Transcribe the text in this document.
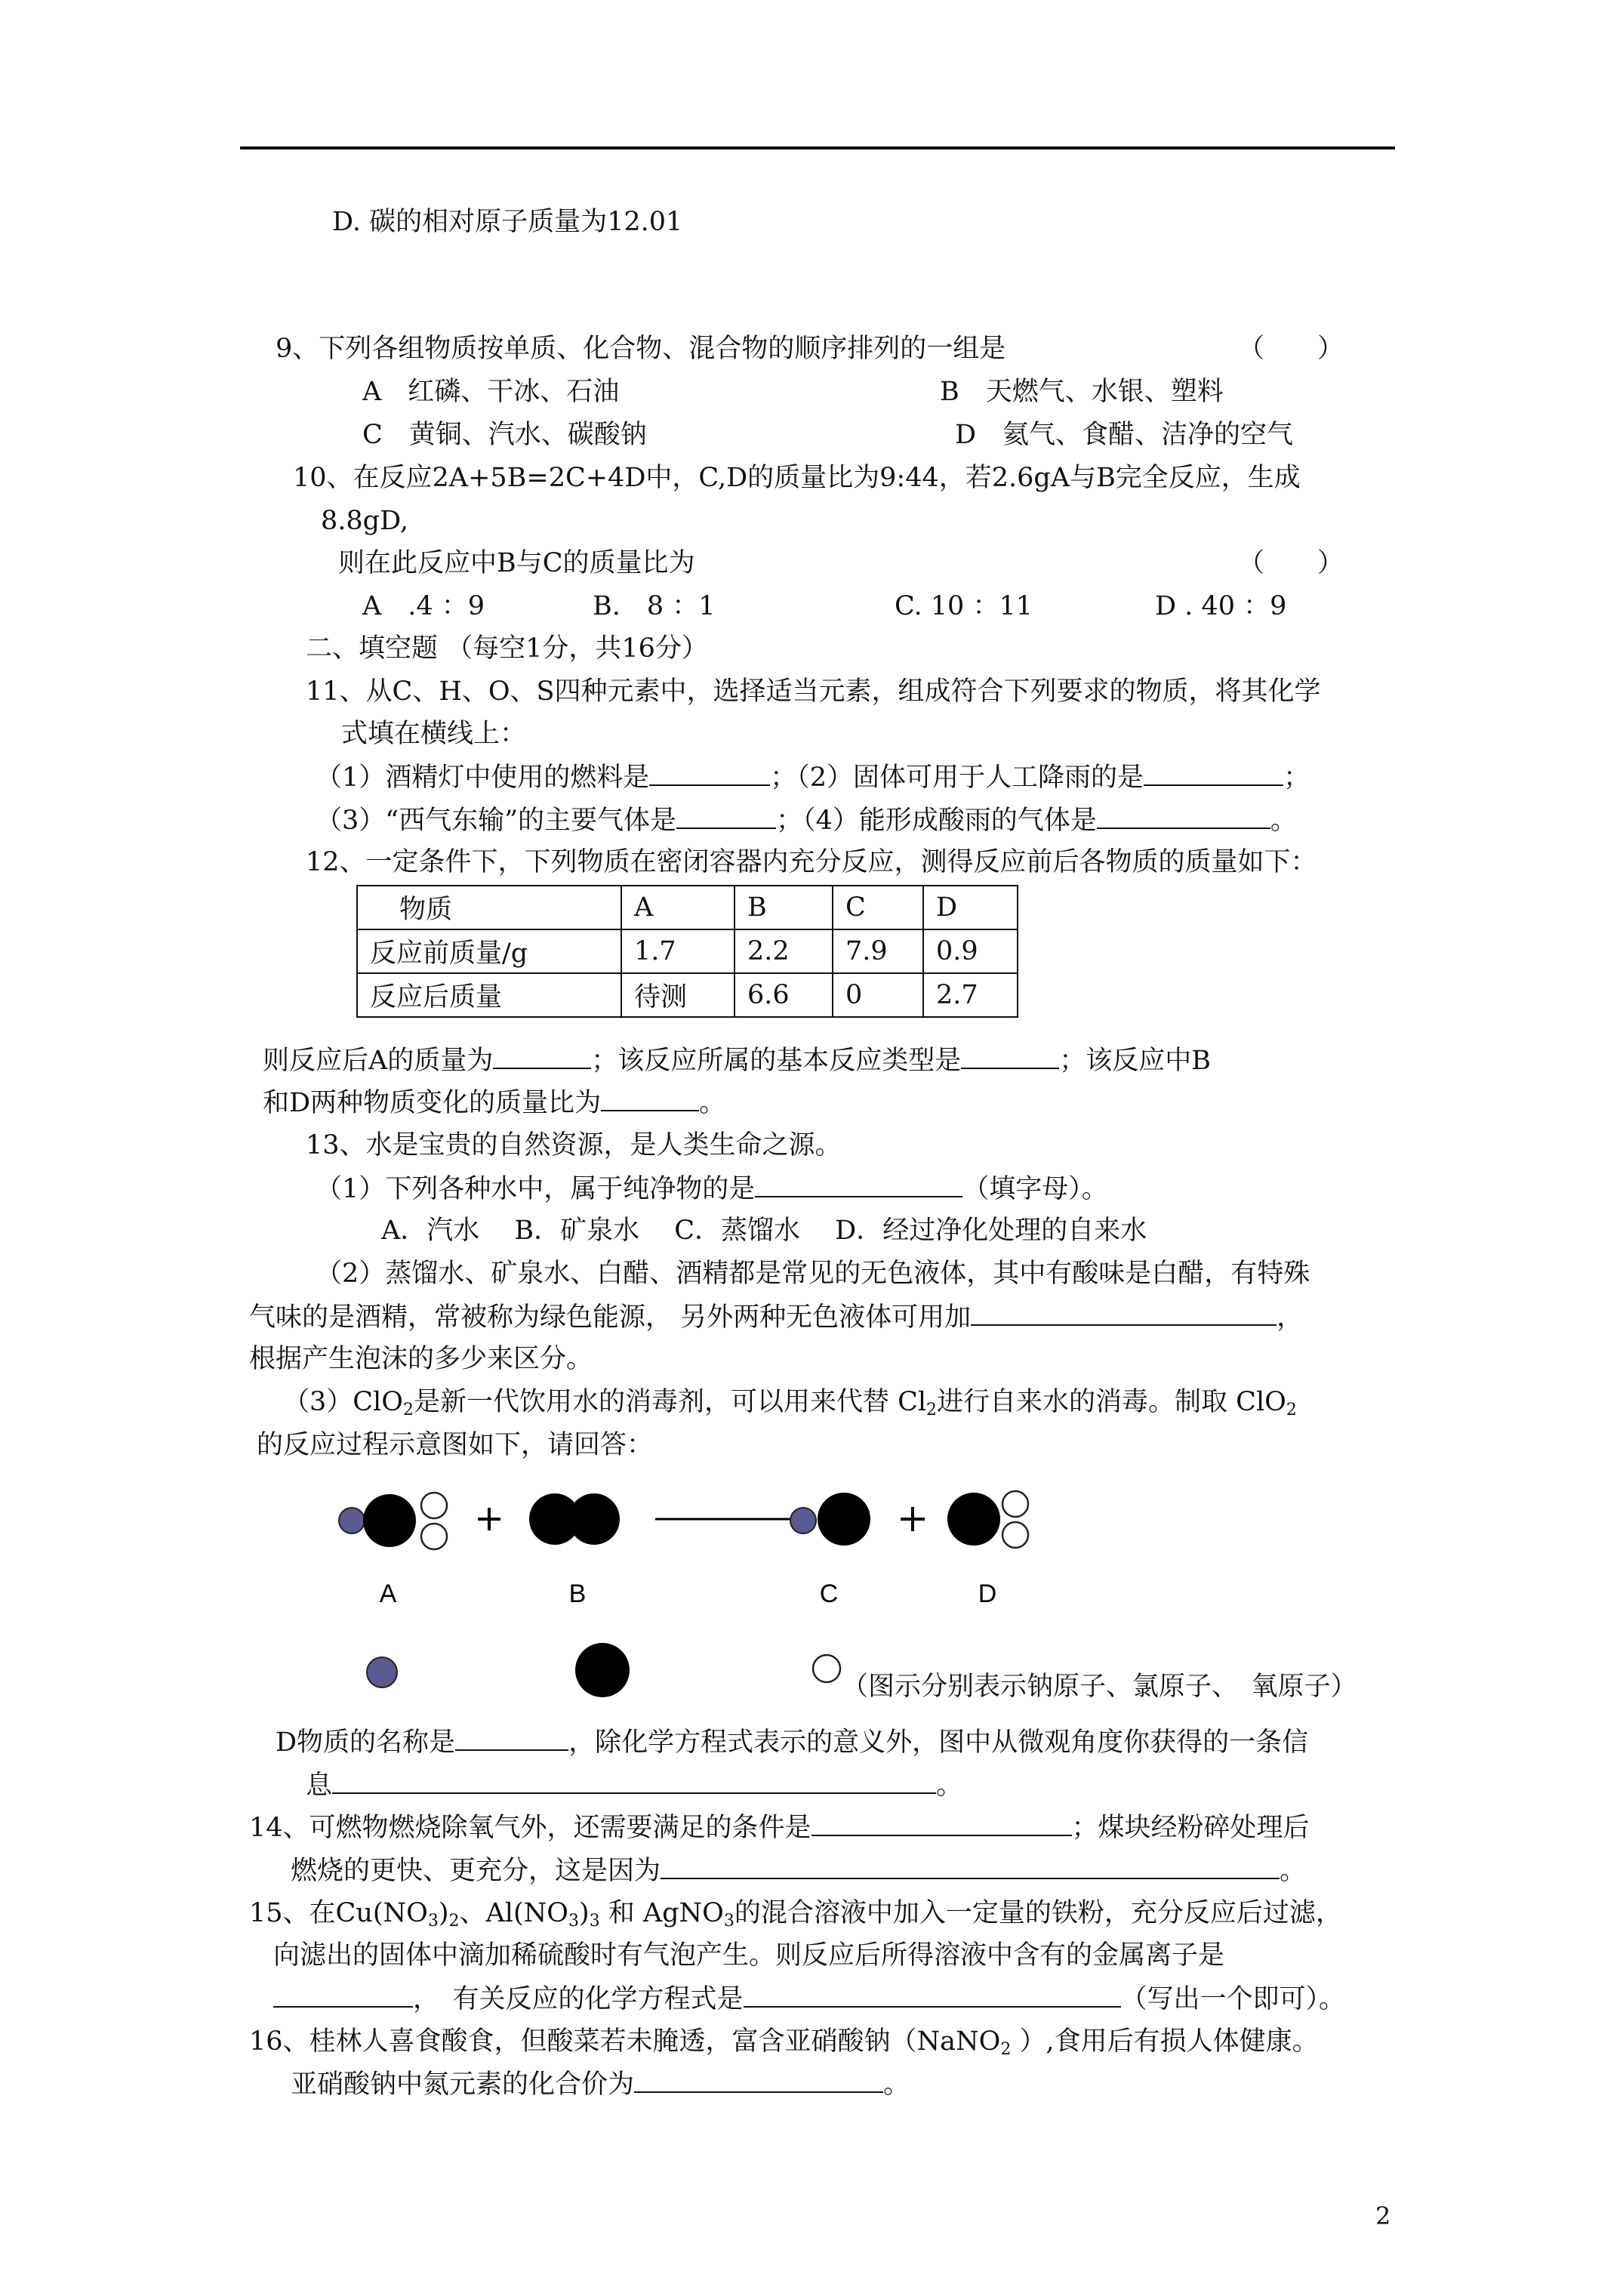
D. 碳的相对原子质量为12.01
9、下列各组物质按单质、化合物、混合物的顺序排列的一组是	（　　）
A　红磷、干冰、石油	B　天燃气、水银、塑料
C　黄铜、汽水、碳酸钠	D　氦气、食醋、洁净的空气
10、在反应2A+5B=2C+4D中，C,D的质量比为9:44，若2.6gA与B完全反应，生成
8.8gD,
则在此反应中B与C的质量比为	（　　）
A　.4 ：9	B.　8 ：1	C. 10 ：11	D . 40 ：9
二、填空题 （每空1分，共16分）
11、从C、H、O、S四种元素中，选择适当元素，组成符合下列要求的物质，将其化学
式填在横线上：
（1）酒精灯中使用的燃料是	；（2）固体可用于人工降雨的是	；
（3）“西气东输”的主要气体是	；（4）能形成酸雨的气体是	。
12、一定条件下，下列物质在密闭容器内充分反应，测得反应前后各物质的质量如下：
物质	A	B	C	D
反应前质量/g	1.7	2.2	7.9	0.9
反应后质量	待测	6.6	0	2.7
则反应后A的质量为	；该反应所属的基本反应类型是	；该反应中B
和D两种物质变化的质量比为	。
13、水是宝贵的自然资源，是人类生命之源。
（1）下列各种水中，属于纯净物的是	（填字母）。
A．汽水　 B．矿泉水　 C．蒸馏水　 D．经过净化处理的自来水
（2）蒸馏水、矿泉水、白醋、酒精都是常见的无色液体，其中有酸味是白醋，有特殊
气味的是酒精，常被称为绿色能源， 另外两种无色液体可用加	，
根据产生泡沫的多少来区分。
（3）ClO$_2$是新一代饮用水的消毒剂，可以用来代替 $Cl_2$进行自来水的消毒。制取 ClO$_2$
的反应过程示意图如下，请回答：
A	B	C	D
（图示分别表示钠原子、氯原子、　氧原子）
D物质的名称是	，除化学方程式表示的意义外，图中从微观角度你获得的一条信
息	。
14、可燃物燃烧除氧气外，还需要满足的条件是	；煤块经粉碎处理后
燃烧的更快、更充分，这是因为	。
15、在$Cu(NO_3)_2$、$Al(NO_3)_3$ 和 AgNO$_3$的混合溶液中加入一定量的铁粉，充分反应后过滤，
向滤出的固体中滴加稀硫酸时有气泡产生。则反应后所得溶液中含有的金属离子是
，　有关反应的化学方程式是	（写出一个即可）。
16、桂林人喜食酸食，但酸菜若未腌透，富含亚硝酸钠（NaNO$_2$ ）,食用后有损人体健康。
亚硝酸钠中氮元素的化合价为	。
2
